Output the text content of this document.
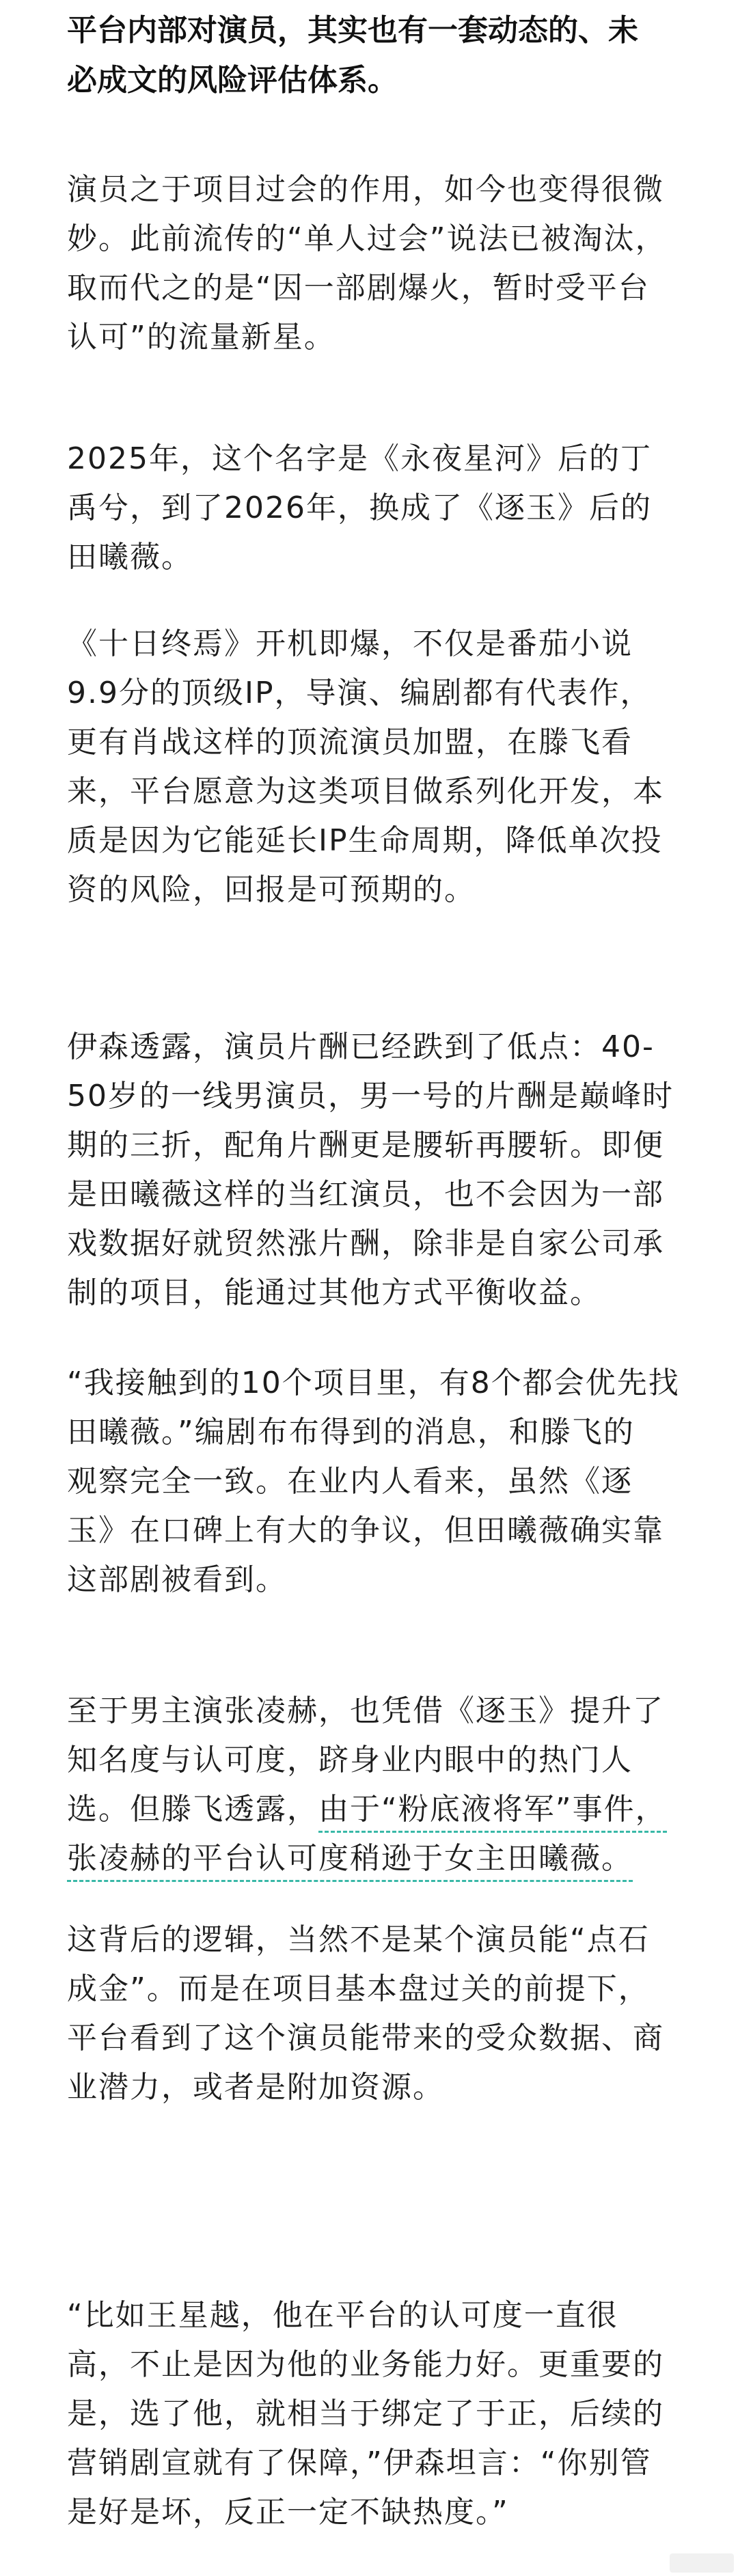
平台内部对演员，其实也有一套动态的、未
必成文的风险评估体系。
演员之于项目过会的作用，如今也变得很微
妙。此前流传的“单人过会”说法已被淘汰，
取而代之的是“因一部剧爆火，暂时受平台
认可”的流量新星。
2025年，这个名字是《永夜星河》后的丁
禹兮，到了2026年，换成了《逐玉》后的
田曦薇。
《十日终焉》开机即爆，不仅是番茄小说
9.9分的顶级IP，导演、编剧都有代表作，
更有肖战这样的顶流演员加盟，在滕飞看
来，平台愿意为这类项目做系列化开发，本
质是因为它能延长IP生命周期，降低单次投
资的风险，回报是可预期的。
伊森透露，演员片酬已经跌到了低点：40-
50岁的一线男演员，男一号的片酬是巅峰时
期的三折，配角片酬更是腰斩再腰斩。即便
是田曦薇这样的当红演员，也不会因为一部
戏数据好就贸然涨片酬，除非是自家公司承
制的项目，能通过其他方式平衡收益。
“我接触到的10个项目里，有8个都会优先找
田曦薇。”编剧布布得到的消息，和滕飞的
观察完全一致。在业内人看来，虽然《逐
玉》在口碑上有大的争议，但田曦薇确实靠
这部剧被看到。
至于男主演张凌赫，也凭借《逐玉》提升了
知名度与认可度，跻身业内眼中的热门人
选。但滕飞透露，由于“粉底液将军”事件，
张凌赫的平台认可度稍逊于女主田曦薇。
这背后的逻辑，当然不是某个演员能“点石
成金”。而是在项目基本盘过关的前提下，
平台看到了这个演员能带来的受众数据、商
业潜力，或者是附加资源。
“比如王星越，他在平台的认可度一直很
高，不止是因为他的业务能力好。更重要的
是，选了他，就相当于绑定了于正，后续的
营销剧宣就有了保障，”伊森坦言：“你别管
是好是坏，反正一定不缺热度。”
